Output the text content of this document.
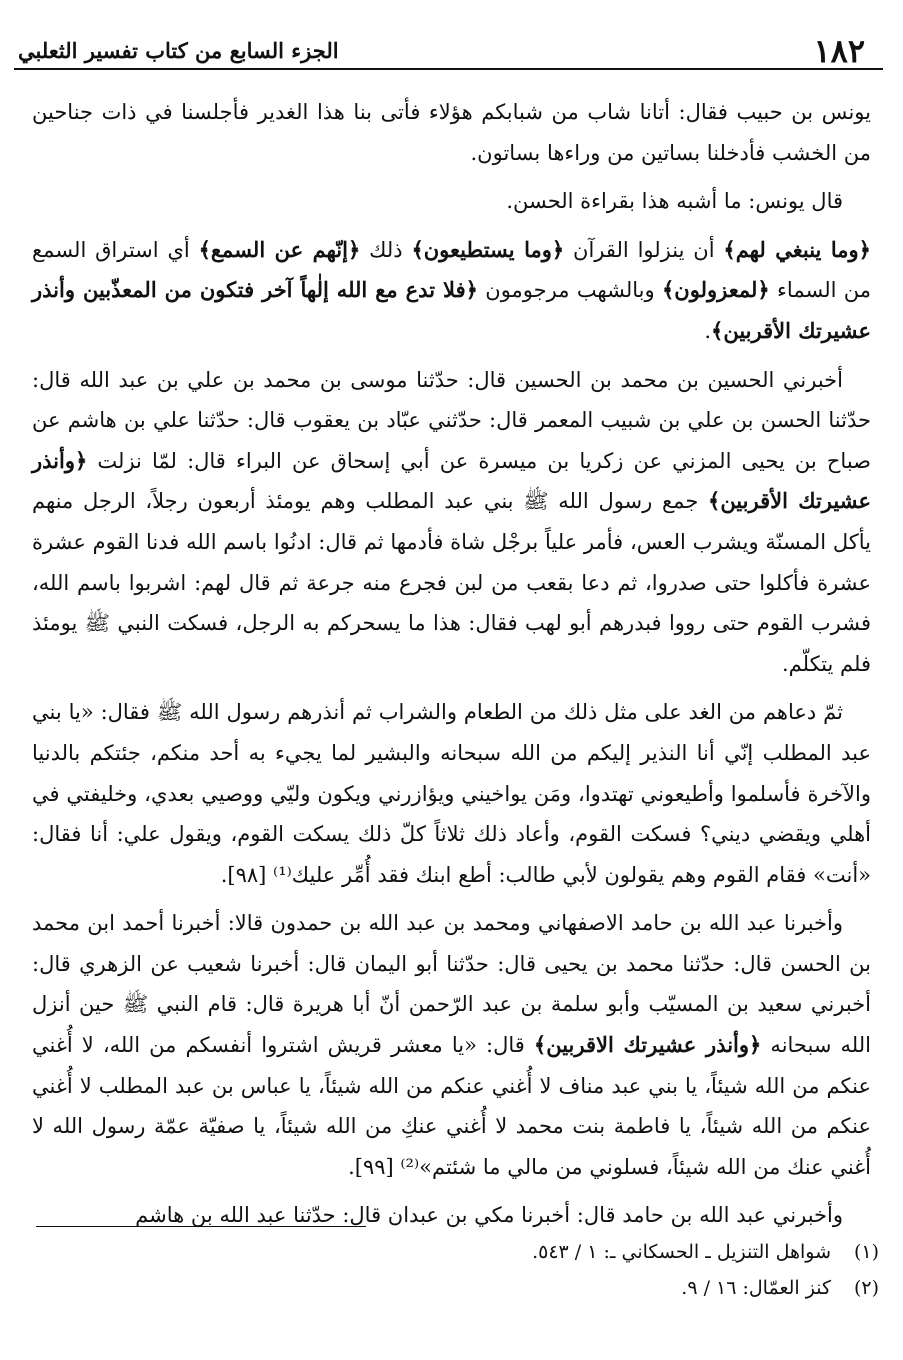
١٨٢
الجزء السابع من كتاب تفسير الثعلبي

يونس بن حبيب فقال: أتانا شاب من شبابكم هؤلاء فأتى بنا هذا الغدير فأجلسنا في ذات جناحين من الخشب فأدخلنا بساتين من وراءها بساتون.

قال يونس: ما أشبه هذا بقراءة الحسن.

﴿وما ينبغي لهم﴾ أن ينزلوا القرآن ﴿وما يستطيعون﴾ ذلك ﴿إنّهم عن السمع﴾ أي استراق السمع من السماء ﴿لمعزولون﴾ وبالشهب مرجومون ﴿فلا تدع مع الله إلٰهاً آخر فتكون من المعذّبين وأنذر عشيرتك الأقربين﴾.

أخبرني الحسين بن محمد بن الحسين قال: حدّثنا موسى بن محمد بن علي بن عبد الله قال: حدّثنا الحسن بن علي بن شبيب المعمر قال: حدّثني عبّاد بن يعقوب قال: حدّثنا علي بن هاشم عن صباح بن يحيى المزني عن زكريا بن ميسرة عن أبي إسحاق عن البراء قال: لمّا نزلت ﴿وأنذر عشيرتك الأقربين﴾ جمع رسول الله ﷺ بني عبد المطلب وهم يومئذ أربعون رجلاً، الرجل منهم يأكل المسنّة ويشرب العس، فأمر علياً برجْل شاة فأدمها ثم قال: ادنُوا باسم الله فدنا القوم عشرة عشرة فأكلوا حتى صدروا، ثم دعا بقعب من لبن فجرع منه جرعة ثم قال لهم: اشربوا باسم الله، فشرب القوم حتى رووا فبدرهم أبو لهب فقال: هذا ما يسحركم به الرجل، فسكت النبي ﷺ يومئذ فلم يتكلّم.

ثمّ دعاهم من الغد على مثل ذلك من الطعام والشراب ثم أنذرهم رسول الله ﷺ فقال: «يا بني عبد المطلب إنّي أنا النذير إليكم من الله سبحانه والبشير لما يجيء به أحد منكم، جئتكم بالدنيا والآخرة فأسلموا وأطيعوني تهتدوا، ومَن يواخيني ويؤازرني ويكون وليّي ووصيي بعدي، وخليفتي في أهلي ويقضي ديني؟ فسكت القوم، وأعاد ذلك ثلاثاً كلّ ذلك يسكت القوم، ويقول علي: أنا فقال: «أنت» فقام القوم وهم يقولون لأبي طالب: أطع ابنك فقد أُمِّر عليك⁽¹⁾ [٩٨].

وأخبرنا عبد الله بن حامد الاصفهاني ومحمد بن عبد الله بن حمدون قالا: أخبرنا أحمد ابن محمد بن الحسن قال: حدّثنا محمد بن يحيى قال: حدّثنا أبو اليمان قال: أخبرنا شعيب عن الزهري قال: أخبرني سعيد بن المسيّب وأبو سلمة بن عبد الرّحمن أنّ أبا هريرة قال: قام النبي ﷺ حين أنزل الله سبحانه ﴿وأنذر عشيرتك الاقربين﴾ قال: «يا معشر قريش اشتروا أنفسكم من الله، لا أُغني عنكم من الله شيئاً، يا بني عبد مناف لا أُغني عنكم من الله شيئاً، يا عباس بن عبد المطلب لا أُغني عنكم من الله شيئاً، يا فاطمة بنت محمد لا أُغني عنكِ من الله شيئاً، يا صفيّة عمّة رسول الله لا أُغني عنك من الله شيئاً، فسلوني من مالي ما شئتم»⁽²⁾ [٩٩].

وأخبرني عبد الله بن حامد قال: أخبرنا مكي بن عبدان قال: حدّثنا عبد الله بن هاشم

(١)
شواهل التنزيل ـ الحسكاني ـ: ١ / ٥٤٣.
(٢)
كنز العمّال: ١٦ / ٩.
